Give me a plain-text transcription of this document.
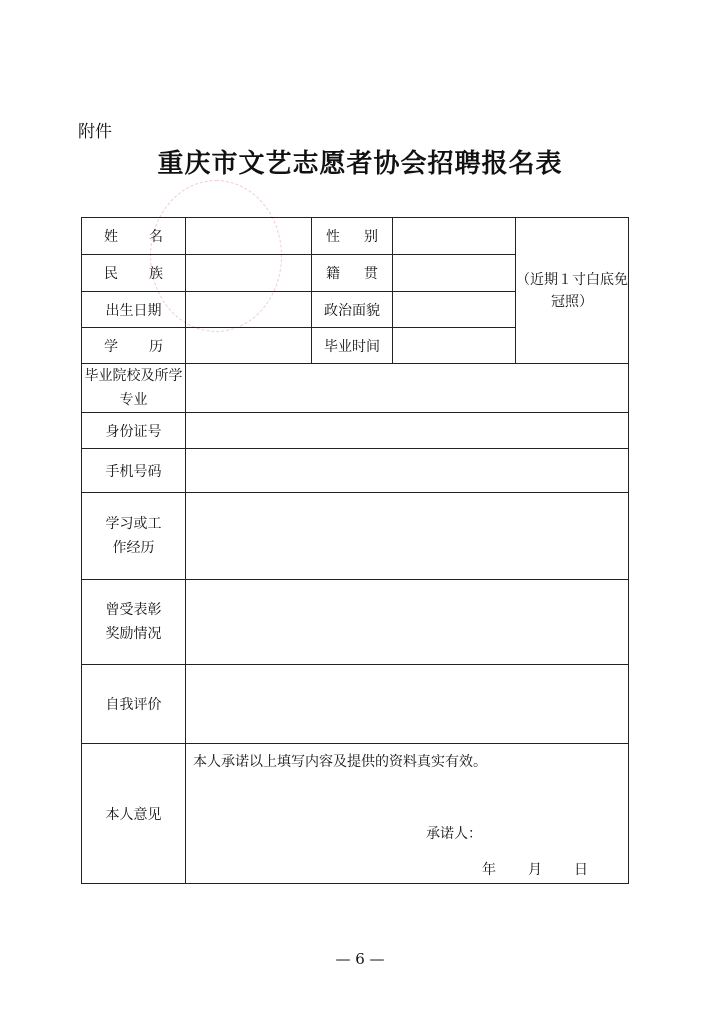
附件
重庆市文艺志愿者协会招聘报名表
姓 名		性 别		（近期１寸白底免冠照）

民 族		籍 贯		

出生日期		政治面貌		

学 历		毕业时间		
毕业院校及所学专业				
身份证号				
手机号码				

学习或工作经历				

曾受表彰奖励情况				

自我评价				
本人意见				
本人承诺以上填写内容及提供的资料真实有效。
承诺人：
年 月 日
— 6 —
